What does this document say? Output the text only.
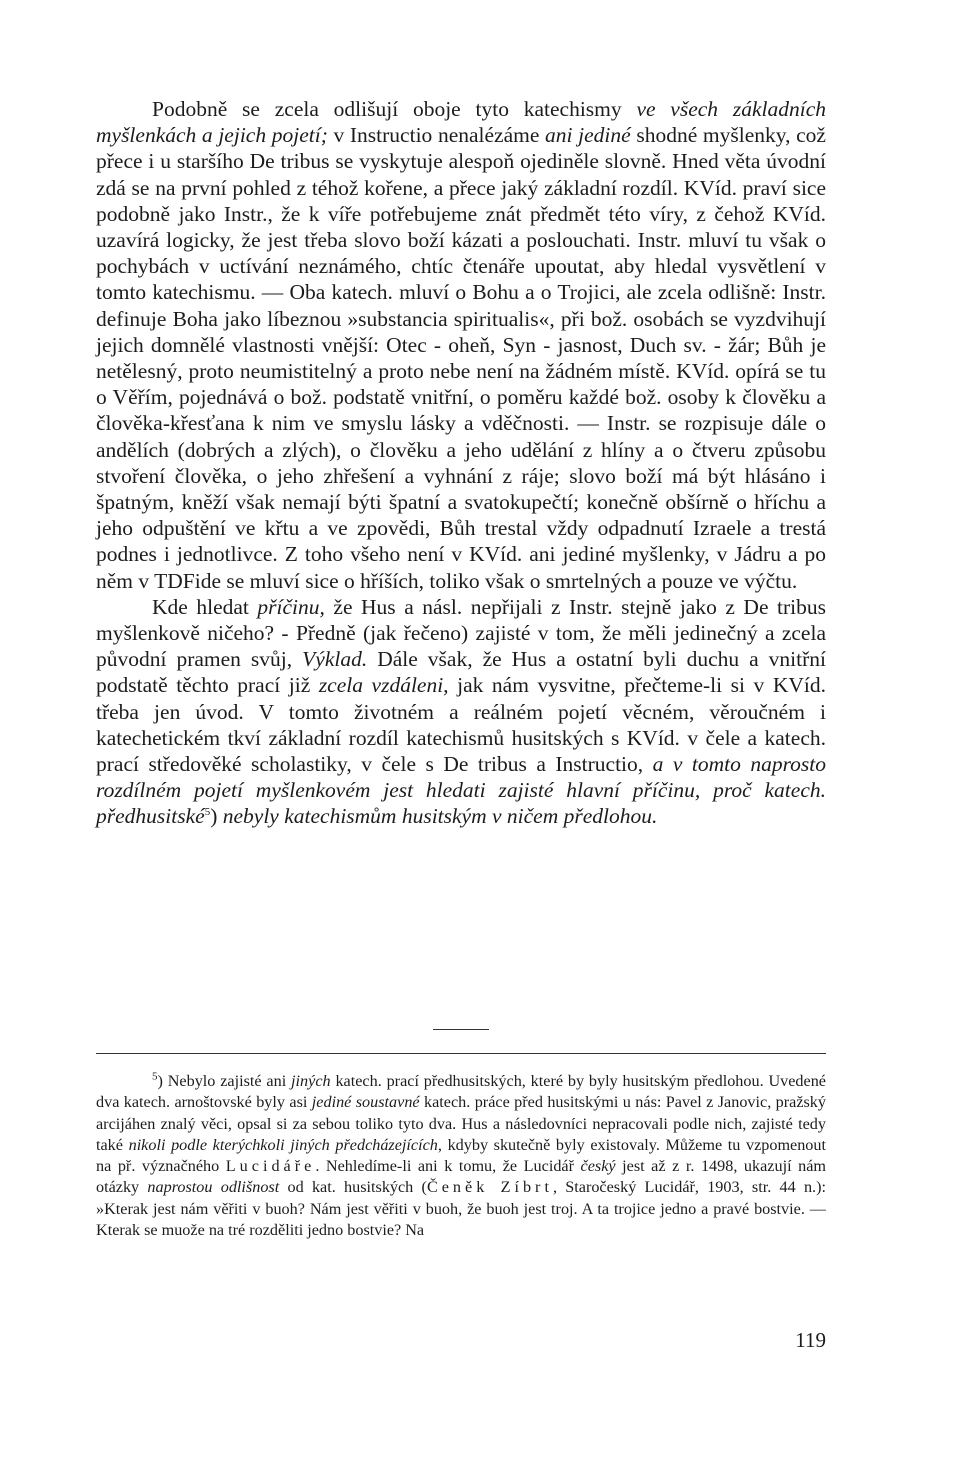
Podobně se zcela odlišují oboje tyto katechismy ve všech základních myšlenkách a jejich pojetí; v Instructio nenalézáme ani jediné shodné myšlenky, což přece i u staršího De tribus se vyskytuje alespoň ojediněle slovně. Hned věta úvodní zdá se na první pohled z téhož kořene, a přece jaký základní rozdíl. KVíd. praví sice podobně jako Instr., že k víře potřebujeme znát předmět této víry, z čehož KVíd. uzavírá logicky, že jest třeba slovo boží kázati a poslouchati. Instr. mluví tu však o pochybách v uctívání neznámého, chtíc čtenáře upoutat, aby hledal vysvětlení v tomto katechismu. — Oba katech. mluví o Bohu a o Trojici, ale zcela odlišně: Instr. definuje Boha jako líbeznou »substancia spiritualis«, při bož. osobách se vyzdvihují jejich domnělé vlastnosti vnější: Otec - oheň, Syn - jasnost, Duch sv. - žár; Bůh je netělesný, proto neumistitelný a proto nebe není na žádném místě. KVíd. opírá se tu o Věřím, pojednává o bož. podstatě vnitřní, o poměru každé bož. osoby k člověku a člověka-křesťana k nim ve smyslu lásky a vděčnosti. — Instr. se rozpisuje dále o andělích (dobrých a zlých), o člověku a jeho udělání z hlíny a o čtveru způsobu stvoření člověka, o jeho zhřešení a vyhnání z ráje; slovo boží má být hlásáno i špatným, kněží však nemají býti špatní a svatokupečtí; konečně obšírně o hříchu a jeho odpuštění ve křtu a ve zpovědi, Bůh trestal vždy odpadnutí Izraele a trestá podnes i jednotlivce. Z toho všeho není v KVíd. ani jediné myšlenky, v Jádru a po něm v TDFide se mluví sice o hříších, toliko však o smrtelných a pouze ve výčtu.

Kde hledat příčinu, že Hus a násl. nepřijali z Instr. stejně jako z De tribus myšlenkově ničeho? - Předně (jak řečeno) zajisté v tom, že měli jedinečný a zcela původní pramen svůj, Výklad. Dále však, že Hus a ostatní byli duchu a vnitřní podstatě těchto prací již zcela vzdáleni, jak nám vysvitne, přečteme-li si v KVíd. třeba jen úvod. V tomto životném a reálném pojetí věcném, věroučném i katechetickém tkví základní rozdíl katechismů husitských s KVíd. v čele a katech. prací středověké scholastiky, v čele s De tribus a Instructio, a v tomto naprosto rozdílném pojetí myšlenkovém jest hledati zajisté hlavní příčinu, proč katech. předhusitské$^5$) nebyly katechismům husitským v ničem předlohou.

$^5$) Nebylo zajisté ani jiných katech. prací předhusitských, které by byly husitským předlohou. Uvedené dva katech. arnoštovské byly asi jediné soustavné katech. práce před husitskými u nás: Pavel z Janovic, pražský arcijáhen znalý věci, opsal si za sebou toliko tyto dva. Hus a následovníci nepracovali podle nich, zajisté tedy také nikoli podle kterýchkoli jiných předcházejících, kdyby skutečně byly existovaly. Můžeme tu vzpomenout na př. význačného Lucidáře. Nehledíme-li ani k tomu, že Lucidář český jest až z r. 1498, ukazují nám otázky naprostou odlišnost od kat. husitských (Čeněk Zíbrt, Staročeský Lucidář, 1903, str. 44 n.): »Kterak jest nám věřiti v buoh? Nám jest věřiti v buoh, že buoh jest troj. A ta trojice jedno a pravé bostvie. — Kterak se muože na tré rozděliti jedno bostvie? Na

119
